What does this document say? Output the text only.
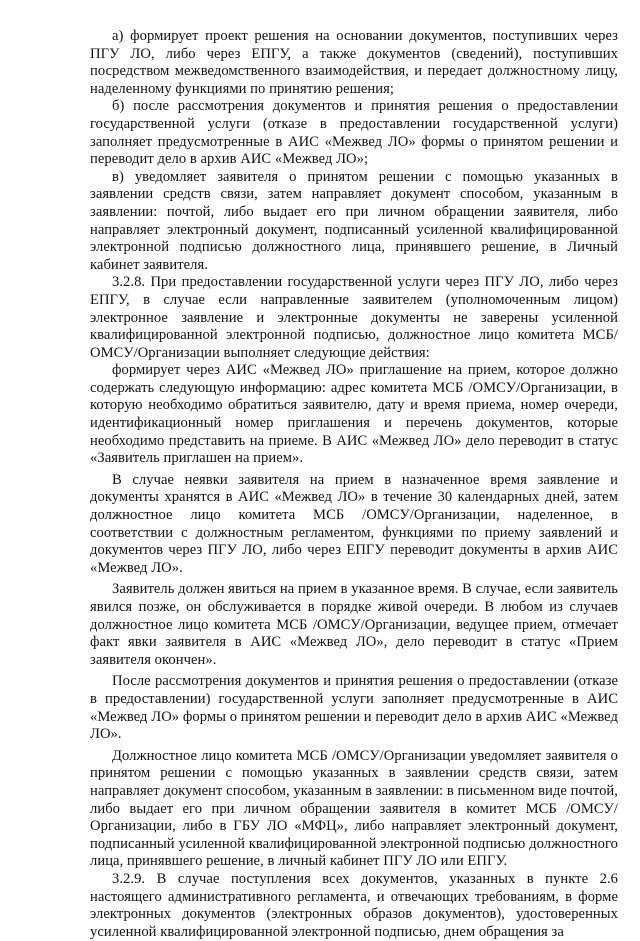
а) формирует проект решения на основании документов, поступивших через ПГУ ЛО, либо через ЕПГУ, а также документов (сведений), поступивших посредством межведомственного взаимодействия, и передает должностному лицу, наделенному функциями по принятию решения;

б) после рассмотрения документов и принятия решения о предоставлении государственной услуги (отказе в предоставлении государственной услуги) заполняет предусмотренные в АИС «Межвед ЛО» формы о принятом решении и переводит дело в архив АИС «Межвед ЛО»;

в) уведомляет заявителя о принятом решении с помощью указанных в заявлении средств связи, затем направляет документ способом, указанным в заявлении: почтой, либо выдает его при личном обращении заявителя, либо направляет электронный документ, подписанный усиленной квалифицированной электронной подписью должностного лица, принявшего решение, в Личный кабинет заявителя.

3.2.8. При предоставлении государственной услуги через ПГУ ЛО, либо через ЕПГУ, в случае если направленные заявителем (уполномоченным лицом) электронное заявление и электронные документы не заверены усиленной квалифицированной электронной подписью, должностное лицо комитета МСБ/ ОМСУ/Организации выполняет следующие действия:

формирует через АИС «Межвед ЛО» приглашение на прием, которое должно содержать следующую информацию: адрес комитета МСБ /ОМСУ/Организации, в которую необходимо обратиться заявителю, дату и время приема, номер очереди, идентификационный номер приглашения и перечень документов, которые необходимо представить на приеме. В АИС «Межвед ЛО» дело переводит в статус «Заявитель приглашен на прием».

В случае неявки заявителя на прием в назначенное время заявление и документы хранятся в АИС «Межвед ЛО» в течение 30 календарных дней, затем должностное лицо комитета МСБ /ОМСУ/Организации, наделенное, в соответствии с должностным регламентом, функциями по приему заявлений и документов через ПГУ ЛО, либо через ЕПГУ переводит документы в архив АИС «Межвед ЛО».

Заявитель должен явиться на прием в указанное время. В случае, если заявитель явился позже, он обслуживается в порядке живой очереди. В любом из случаев должностное лицо комитета МСБ /ОМСУ/Организации, ведущее прием, отмечает факт явки заявителя в АИС «Межвед ЛО», дело переводит в статус «Прием заявителя окончен».

После рассмотрения документов и принятия решения о предоставлении (отказе в предоставлении) государственной услуги заполняет предусмотренные в АИС «Межвед ЛО» формы о принятом решении и переводит дело в архив АИС «Межвед ЛО».

Должностное лицо комитета МСБ /ОМСУ/Организации уведомляет заявителя о принятом решении с помощью указанных в заявлении средств связи, затем направляет документ способом, указанным в заявлении: в письменном виде почтой, либо выдает его при личном обращении заявителя в комитет МСБ /ОМСУ/Организации, либо в ГБУ ЛО «МФЦ», либо направляет электронный документ, подписанный усиленной квалифицированной электронной подписью должностного лица, принявшего решение, в личный кабинет ПГУ ЛО или ЕПГУ.

3.2.9. В случае поступления всех документов, указанных в пункте 2.6 настоящего административного регламента, и отвечающих требованиям, в форме электронных документов (электронных образов документов), удостоверенных усиленной квалифицированной электронной подписью, днем обращения за
